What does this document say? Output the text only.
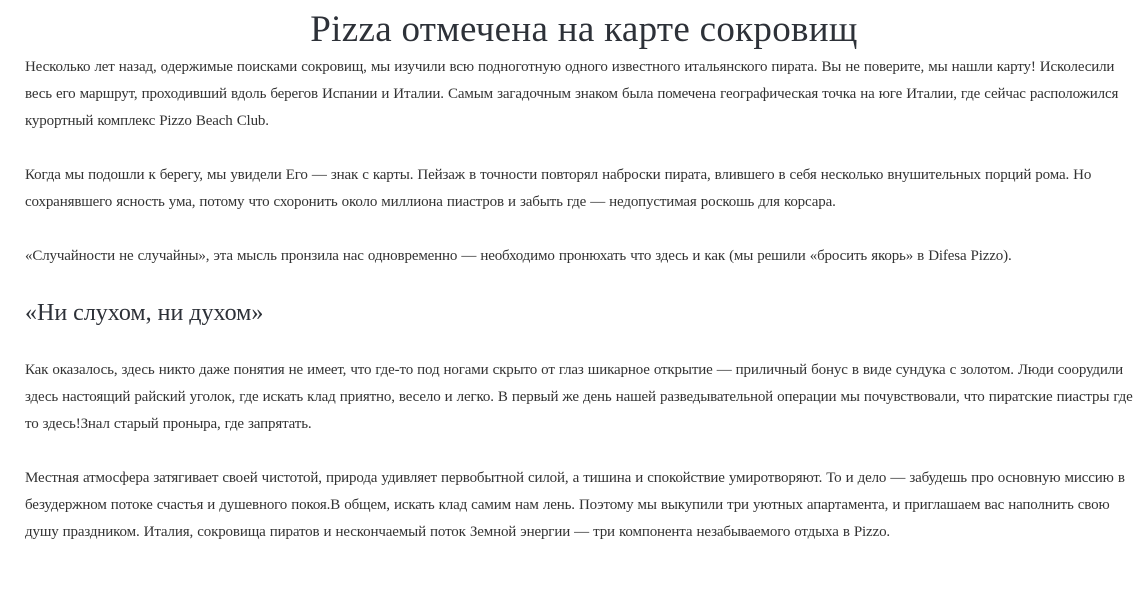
Pizza отмечена на карте сокровищ

Несколько лет назад, одержимые поисками сокровищ, мы изучили всю подноготную одного известного итальянского пирата. Вы не поверите, мы нашли карту! Исколесили весь его маршрут, проходивший вдоль берегов Испании и Италии. Самым загадочным знаком была помечена географическая точка на юге Италии, где сейчас расположился курортный комплекс Pizzo Beach Club.

Когда мы подошли к берегу, мы увидели Его — знак с карты. Пейзаж в точности повторял наброски пирата, влившего в себя несколько внушительных порций рома. Но сохранявшего ясность ума, потому что схоронить около миллиона пиастров и забыть где — недопустимая роскошь для корсара.

«Случайности не случайны», эта мысль пронзила нас одновременно — необходимо пронюхать что здесь и как (мы решили «бросить якорь» в Difesa Pizzo).

«Ни слухом, ни духом»

Как оказалось, здесь никто даже понятия не имеет, что где-то под ногами скрыто от глаз шикарное открытие — приличный бонус в виде сундука с золотом. Люди соорудили здесь настоящий райский уголок, где искать клад приятно, весело и легко. В первый же день нашей разведывательной операции мы почувствовали, что пиратские пиастры где то здесь!Знал старый проныра, где запрятать.

Местная атмосфера затягивает своей чистотой, природа удивляет первобытной силой, а тишина и спокойствие умиротворяют. То и дело — забудешь про основную миссию в безудержном потоке счастья и душевного покоя.В общем, искать клад самим нам лень. Поэтому мы выкупили три уютных апартамента, и приглашаем вас наполнить свою душу праздником. Италия, сокровища пиратов и нескончаемый поток Земной энергии — три компонента незабываемого отдыха в Pizzo.
